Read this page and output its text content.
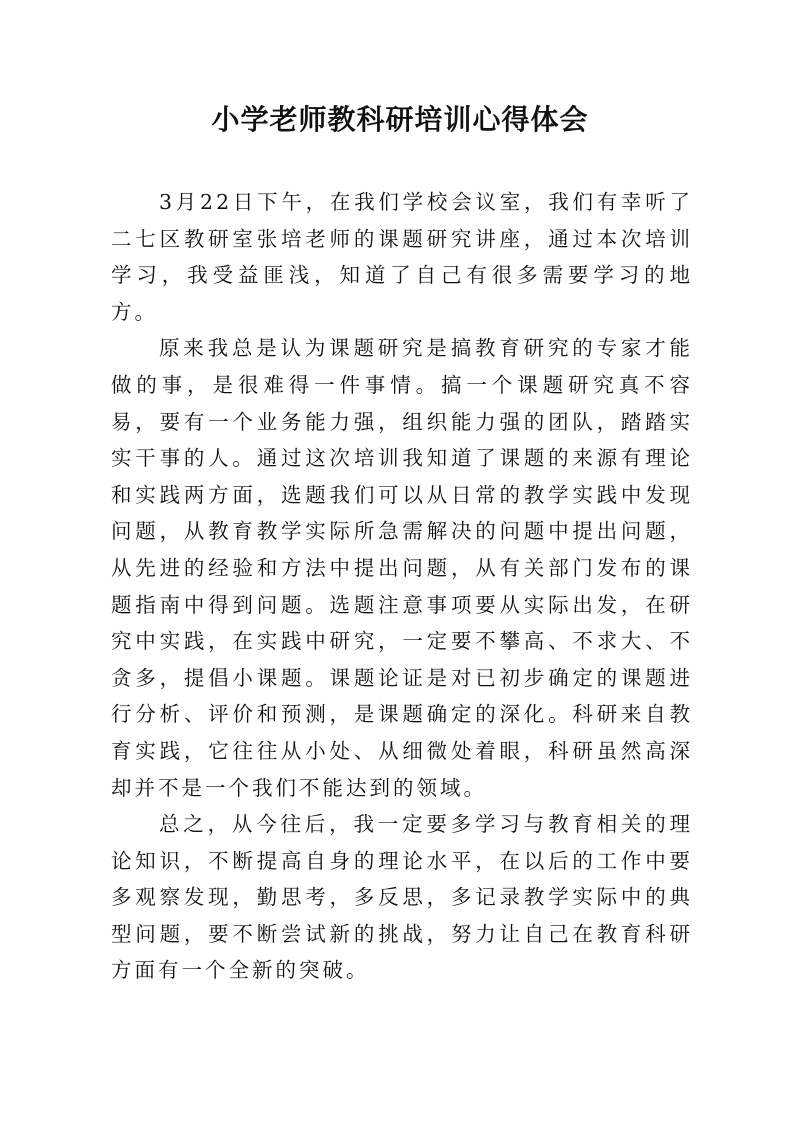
小学老师教科研培训心得体会

3月22日下午，在我们学校会议室，我们有幸听了二七区教研室张培老师的课题研究讲座，通过本次培训学习，我受益匪浅，知道了自己有很多需要学习的地方。

原来我总是认为课题研究是搞教育研究的专家才能做的事，是很难得一件事情。搞一个课题研究真不容易，要有一个业务能力强，组织能力强的团队，踏踏实实干事的人。通过这次培训我知道了课题的来源有理论和实践两方面，选题我们可以从日常的教学实践中发现问题，从教育教学实际所急需解决的问题中提出问题，从先进的经验和方法中提出问题，从有关部门发布的课题指南中得到问题。选题注意事项要从实际出发，在研究中实践，在实践中研究，一定要不攀高、不求大、不贪多，提倡小课题。课题论证是对已初步确定的课题进行分析、评价和预测，是课题确定的深化。科研来自教育实践，它往往从小处、从细微处着眼，科研虽然高深却并不是一个我们不能达到的领域。

总之，从今往后，我一定要多学习与教育相关的理论知识，不断提高自身的理论水平，在以后的工作中要多观察发现，勤思考，多反思，多记录教学实际中的典型问题，要不断尝试新的挑战，努力让自己在教育科研方面有一个全新的突破。
